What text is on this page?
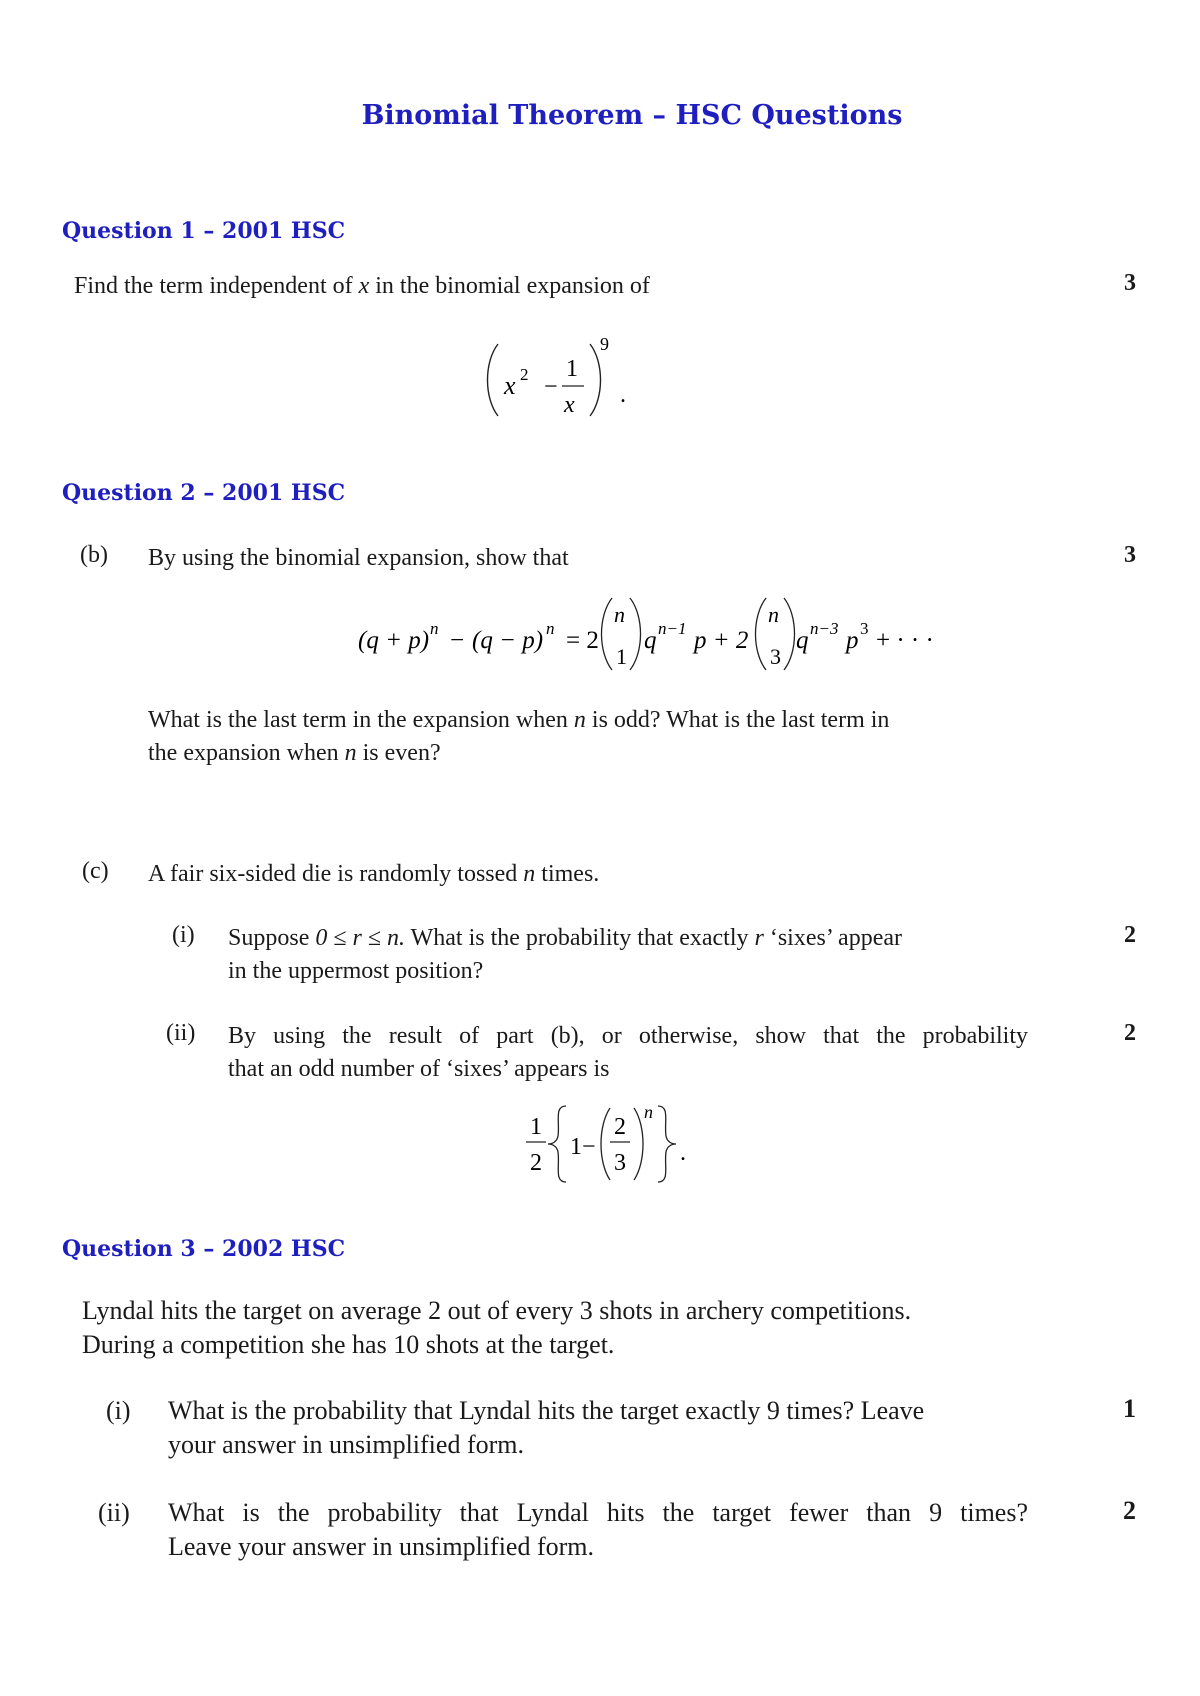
Binomial Theorem – HSC Questions
Question 1 – 2001 HSC
Find the term independent of x in the binomial expansion of	3
x 2 −
1
x
9
.
Question 2 – 2001 HSC
(b) By using the binomial expansion, show that	3
(q + p) n − (q − p) n = 2
n
1
q n−1 p + 2
n
3
q n−3 p 3 + · · ·
What is the last term in the expansion when n is odd? What is the last term in
the expansion when n is even?
(c) A fair six-sided die is randomly tossed n times.
(i) Suppose 0 ≤ r ≤ n. What is the probability that exactly r ‘sixes’ appear
in the uppermost position?
2
(ii) By using the result of part (b), or otherwise, show that the probability
that an odd number of ‘sixes’ appears is
2
1
2
1−
2
3
n
.
Question 3 – 2002 HSC
Lyndal hits the target on average 2 out of every 3 shots in archery competitions.
During a competition she has 10 shots at the target.
(i) What is the probability that Lyndal hits the target exactly 9 times? Leave
your answer in unsimplified form.
1
(ii) What is the probability that Lyndal hits the target fewer than 9 times?
Leave your answer in unsimplified form.
2
